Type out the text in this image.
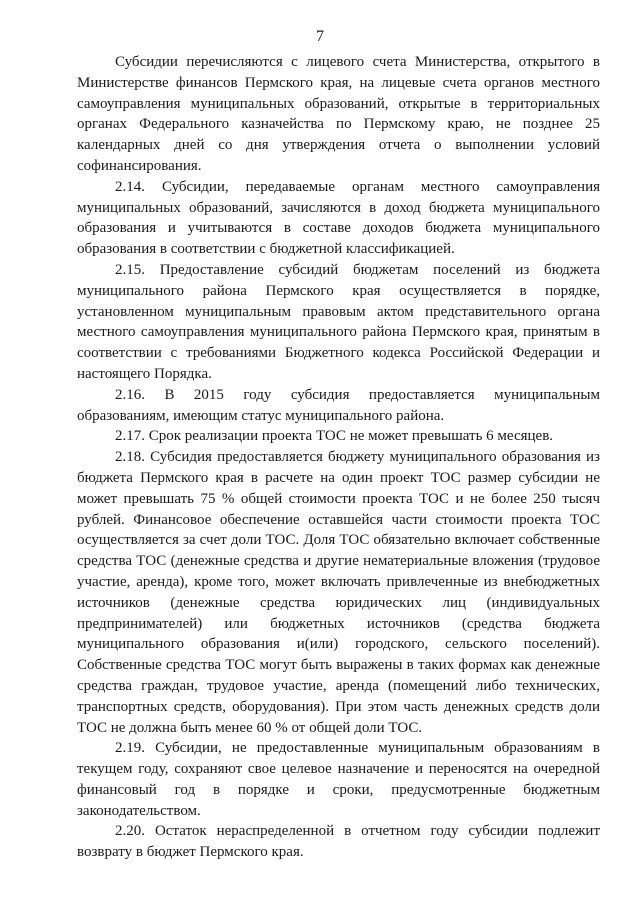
7

Субсидии перечисляются с лицевого счета Министерства, открытого в Министерстве финансов Пермского края, на лицевые счета органов местного самоуправления муниципальных образований, открытые в территориальных органах Федерального казначейства по Пермскому краю, не позднее 25 календарных дней со дня утверждения отчета о выполнении условий софинансирования.

2.14. Субсидии, передаваемые органам местного самоуправления муниципальных образований, зачисляются в доход бюджета муниципального образования и учитываются в составе доходов бюджета муниципального образования в соответствии с бюджетной классификацией.

2.15. Предоставление субсидий бюджетам поселений из бюджета муниципального района Пермского края осуществляется в порядке, установленном муниципальным правовым актом представительного органа местного самоуправления муниципального района Пермского края, принятым в соответствии с требованиями Бюджетного кодекса Российской Федерации и настоящего Порядка.

2.16. В 2015 году субсидия предоставляется муниципальным образованиям, имеющим статус муниципального района.

2.17. Срок реализации проекта ТОС не может превышать 6 месяцев.

2.18. Субсидия предоставляется бюджету муниципального образования из бюджета Пермского края в расчете на один проект ТОС размер субсидии не может превышать 75 % общей стоимости проекта ТОС и не более 250 тысяч рублей. Финансовое обеспечение оставшейся части стоимости проекта ТОС осуществляется за счет доли ТОС. Доля ТОС обязательно включает собственные средства ТОС (денежные средства и другие нематериальные вложения (трудовое участие, аренда), кроме того, может включать привлеченные из внебюджетных источников (денежные средства юридических лиц (индивидуальных предпринимателей) или бюджетных источников (средства бюджета муниципального образования и(или) городского, сельского поселений). Собственные средства ТОС могут быть выражены в таких формах как денежные средства граждан, трудовое участие, аренда (помещений либо технических, транспортных средств, оборудования). При этом часть денежных средств доли ТОС не должна быть менее 60 % от общей доли ТОС.

2.19. Субсидии, не предоставленные муниципальным образованиям в текущем году, сохраняют свое целевое назначение и переносятся на очередной финансовый год в порядке и сроки, предусмотренные бюджетным законодательством.

2.20. Остаток нераспределенной в отчетном году субсидии подлежит возврату в бюджет Пермского края.
